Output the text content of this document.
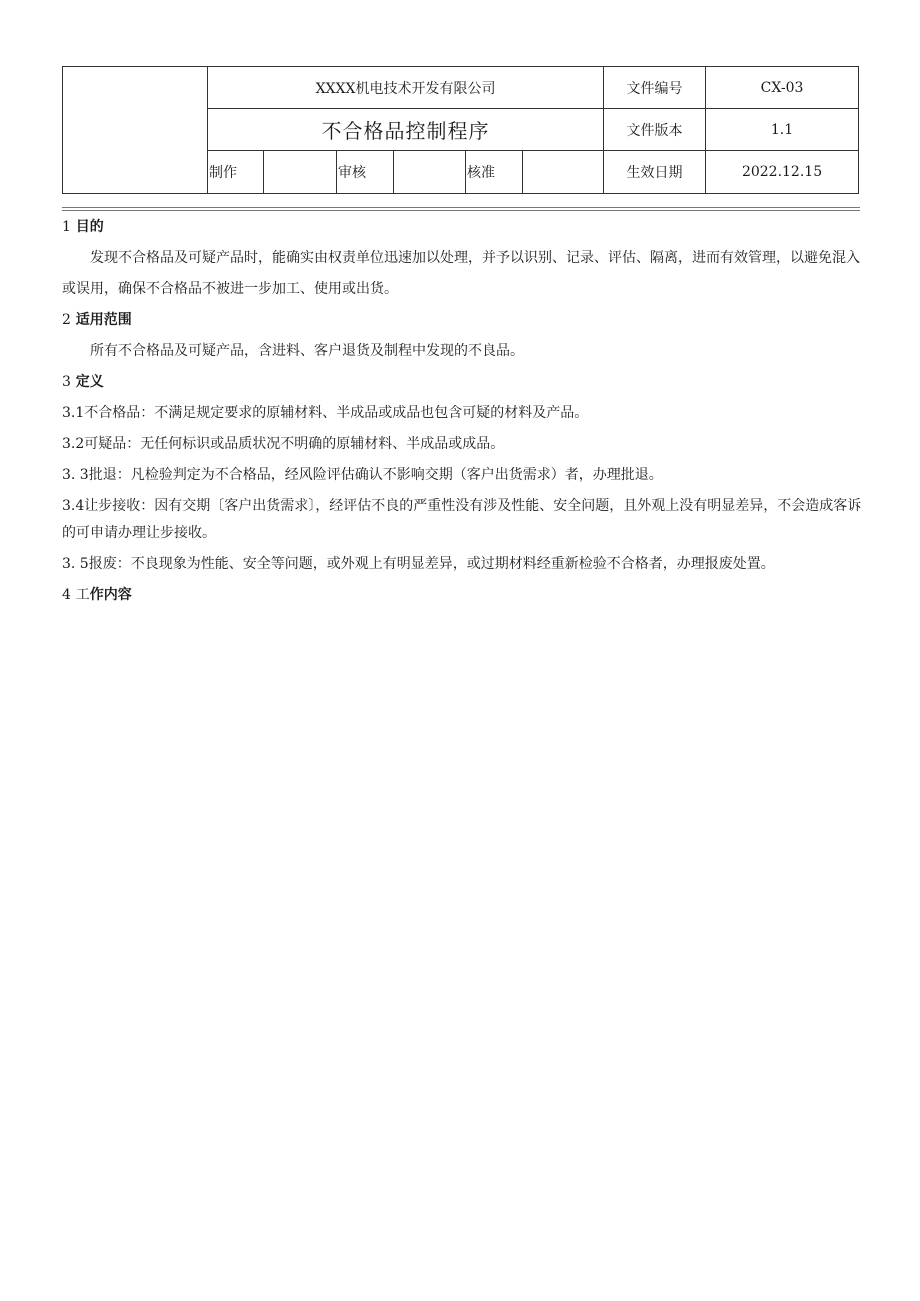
	XXXX机电技术开发有限公司						文件编号	CX-03
	不合格品控制程序						文件版本	1.1
	制作		审核		核准		生效日期	2022.12.15
1 目的

发现不合格品及可疑产品时，能确实由权责单位迅速加以处理，并予以识别、记录、评估、隔离，进而有效管理，以避免混入或误用，确保不合格品不被进一步加工、使用或出货。

2 适用范围

所有不合格品及可疑产品，含进料、客户退货及制程中发现的不良品。

3 定义

3.1不合格品：不满足规定要求的原辅材料、半成品或成品也包含可疑的材料及产品。

3.2可疑品：无任何标识或品质状况不明确的原辅材料、半成品或成品。

3. 3批退：凡检验判定为不合格品，经风险评估确认不影响交期（客户出货需求）者，办理批退。

3.4让步接收：因有交期〔客户出货需求〕，经评估不良的严重性没有涉及性能、安全问题，且外观上没有明显差异，不会造成客诉的可申请办理让步接收。

3. 5报废：不良现象为性能、安全等问题，或外观上有明显差异，或过期材料经重新检验不合格者，办理报废处置。

4 工作内容
